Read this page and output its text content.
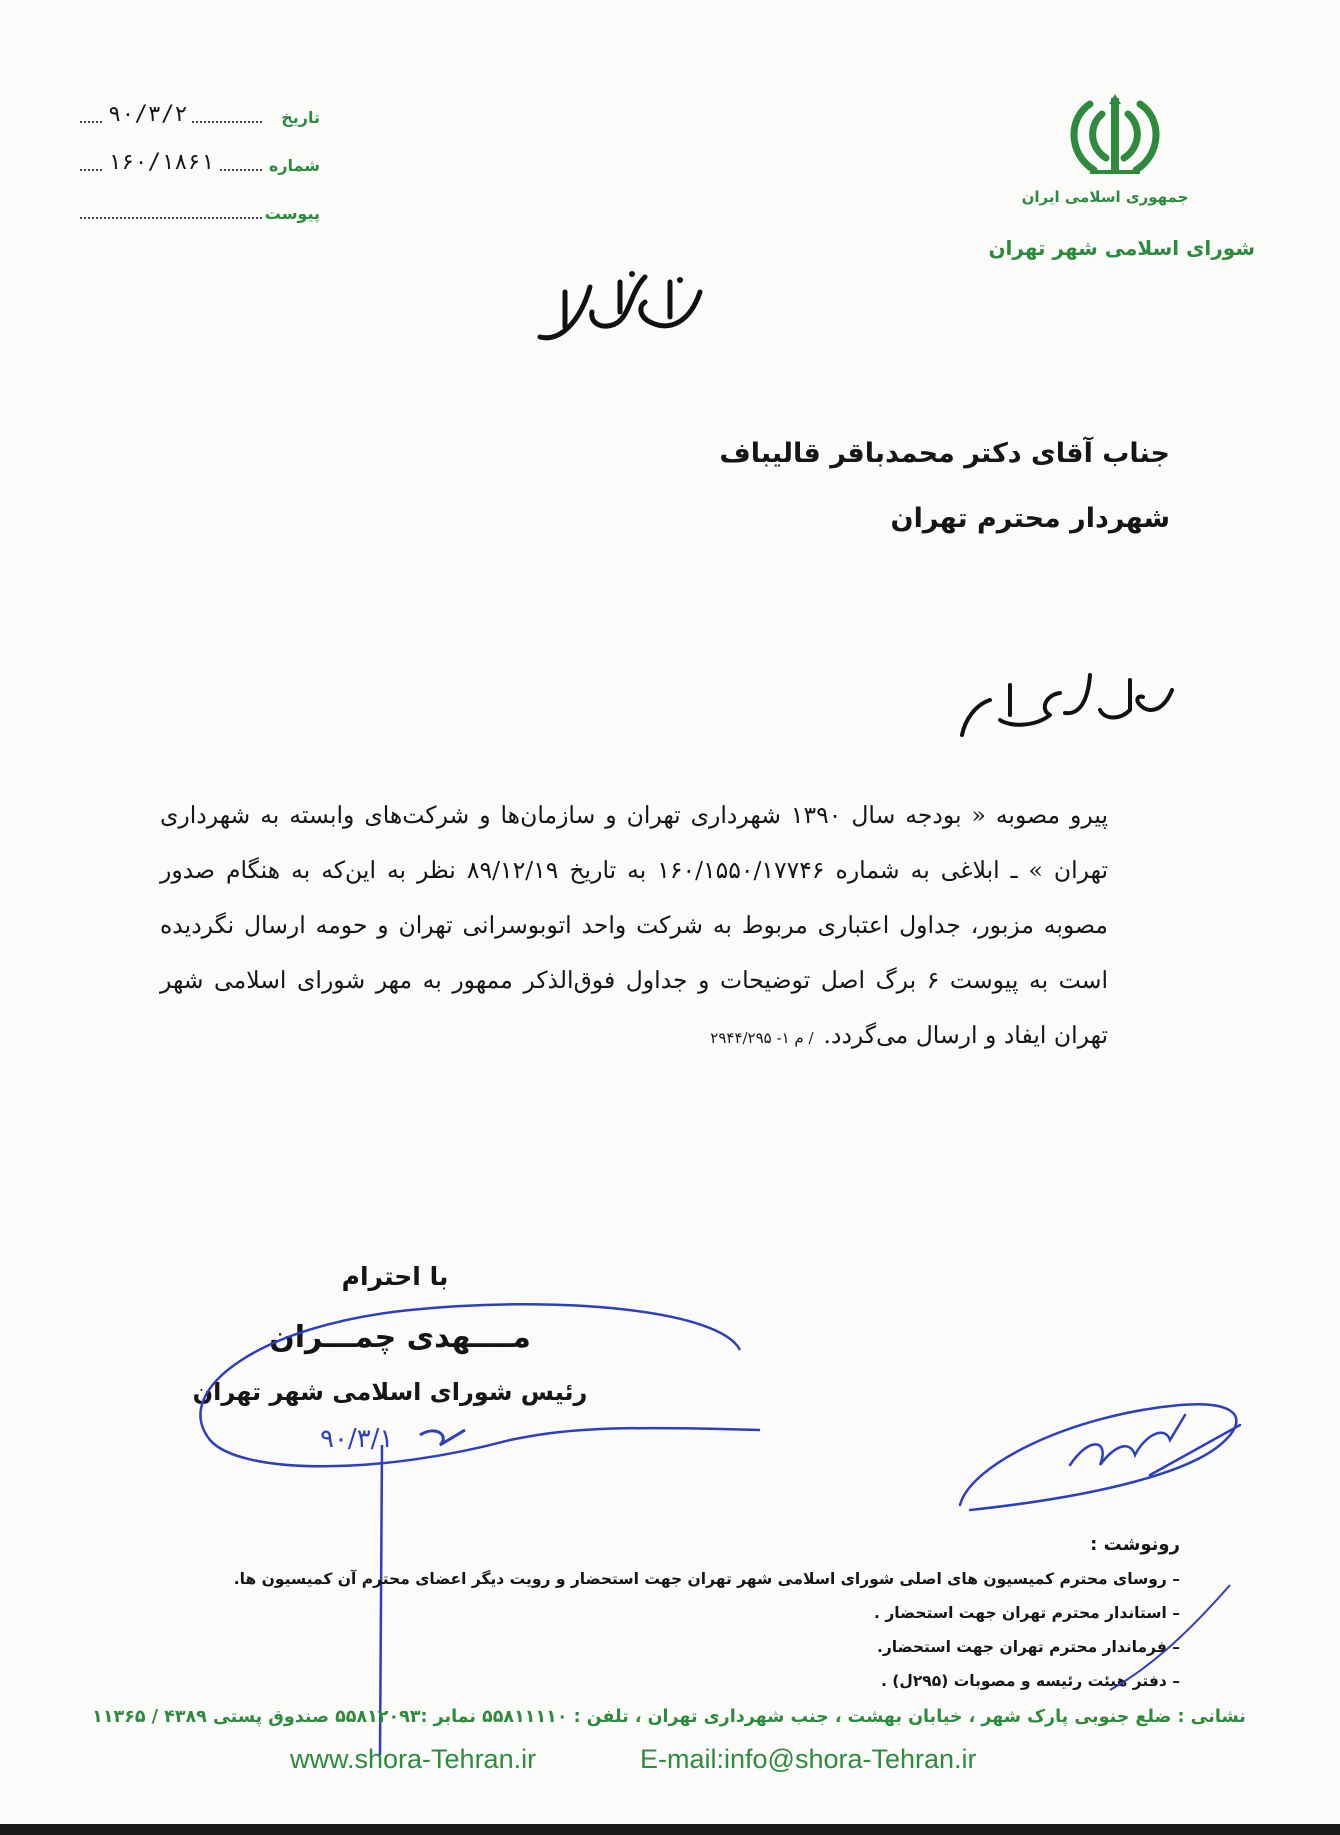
جمهوری اسلامی ایران
شورای اسلامی شهر تهران
تاریخ
۹۰/۳/۲
شماره
۱۶۰/۱۸۶۱
پیوست
جناب آقای دکتر محمدباقر قالیباف
شهردار محترم تهران
پیرو مصوبه « بودجه سال ۱۳۹۰ شهرداری تهران و سازمان‌ها و شرکت‌های وابسته به شهرداری تهران » ـ ابلاغی به شماره ۱۶۰/۱۵۵۰/۱۷۷۴۶ به تاریخ ۸۹/۱۲/۱۹ نظر به این‌که به هنگام صدور مصوبه مزبور، جداول اعتباری مربوط به شرکت واحد اتوبوسرانی تهران و حومه ارسال نگردیده است به پیوست ۶ برگ اصل توضیحات و جداول فوق‌الذکر ممهور به مهر شورای اسلامی شهر تهران ایفاد و ارسال می‌گردد./ م ۱- ۲۹۴۴/۲۹۵
با احترام
مــــهدی چمـــران
رئیس شورای اسلامی شهر تهران
۹۰/۳/۱
رونوشت :
– روسای محترم کمیسیون های اصلی شورای اسلامی شهر تهران جهت استحضار و رویت دیگر اعضای محترم آن کمیسیون ها.
– استاندار محترم تهران جهت استحضار .
– فرماندار محترم تهران جهت استحضار.
– دفتر هیئت رئیسه و مصوبات (۲۹۵ل) .
نشانی : ضلع جنوبی پارک شهر ، خیابان بهشت ، جنب شهرداری تهران ، تلفن : ۵۵۸۱۱۱۱۰ نمابر :۵۵۸۱۲۰۹۳ صندوق پستی ۴۳۸۹ / ۱۱۳۶۵
www.shora-Tehran.ir	E-mail:info@shora-Tehran.ir
